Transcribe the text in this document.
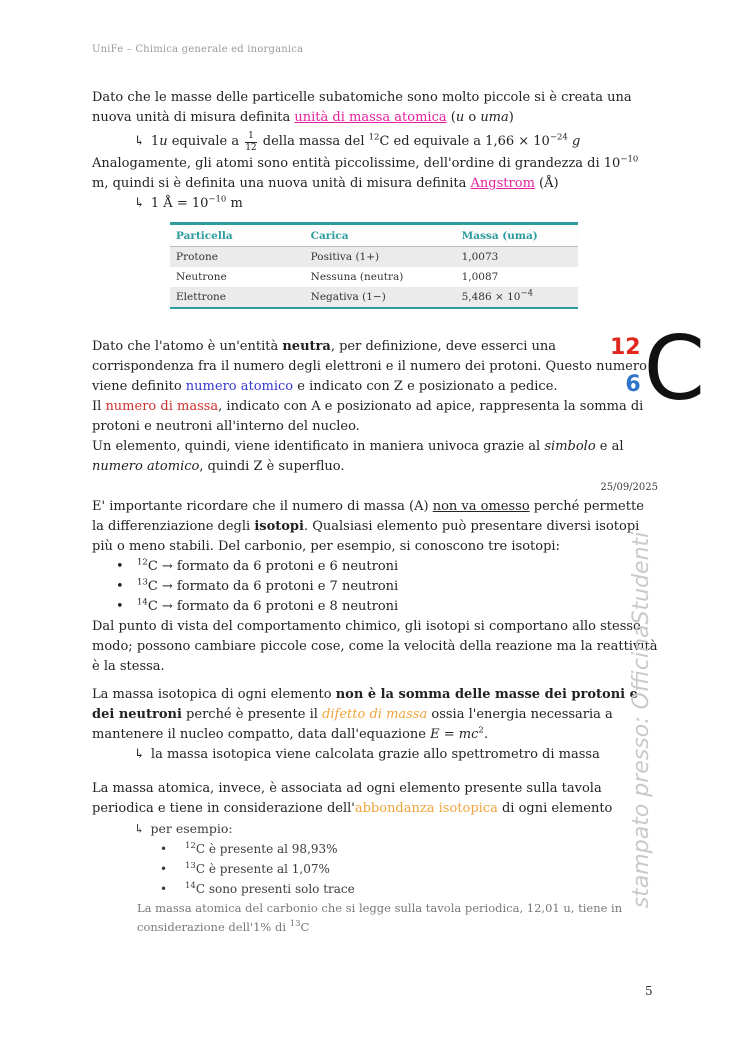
UniFe – Chimica generale ed inorganica

Dato che le masse delle particelle subatomiche sono molto piccole si è creata una nuova unità di misura definita unità di massa atomica (u o uma)

↳ 1u equivale a $\frac{1}{12}$ della massa del $^{12}$C ed equivale a $1,66 \times 10^{-24}$ g

Analogamente, gli atomi sono entità piccolissime, dell'ordine di grandezza di $10^{-10}$ m, quindi si è definita una nuova unità di misura definita Angstrom (Å)

↳ 1 Å = $10^{-10}$ m

Particella	Carica	Massa (uma)
Protone	Positiva (1+)	1,0073
Neutrone	Nessuna (neutra)	1,0087
Elettrone	Negativa (1−)	$5,486 \times 10^{-4}$

Dato che l'atomo è un'entità neutra, per definizione, deve esserci una corrispondenza fra il numero degli elettroni e il numero dei protoni. Questo numero viene definito numero atomico e indicato con Z e posizionato a pedice.

Il numero di massa, indicato con A e posizionato ad apice, rappresenta la somma di protoni e neutroni all'interno del nucleo.

Un elemento, quindi, viene identificato in maniera univoca grazie al simbolo e al numero atomico, quindi Z è superfluo.

25/09/2025

E' importante ricordare che il numero di massa (A) non va omesso perché permette la differenziazione degli isotopi. Qualsiasi elemento può presentare diversi isotopi più o meno stabili. Del carbonio, per esempio, si conoscono tre isotopi:

• $^{12}$C → formato da 6 protoni e 6 neutroni
• $^{13}$C → formato da 6 protoni e 7 neutroni
• $^{14}$C → formato da 6 protoni e 8 neutroni

Dal punto di vista del comportamento chimico, gli isotopi si comportano allo stesso modo; possono cambiare piccole cose, come la velocità della reazione ma la reattività è la stessa.

La massa isotopica di ogni elemento non è la somma delle masse dei protoni e dei neutroni perché è presente il difetto di massa ossia l'energia necessaria a mantenere il nucleo compatto, data dall'equazione $E = mc^2$.

↳ la massa isotopica viene calcolata grazie allo spettrometro di massa

La massa atomica, invece, è associata ad ogni elemento presente sulla tavola periodica e tiene in considerazione dell'abbondanza isotopica di ogni elemento

↳ per esempio:

• $^{12}$C è presente al 98,93%
• $^{13}$C è presente al 1,07%
• $^{14}$C sono presenti solo trace

La massa atomica del carbonio che si legge sulla tavola periodica, 12,01 u, tiene in considerazione dell'1% di $^{13}$C

12
6 C
stampato presso: OfficinaStudenti
5
